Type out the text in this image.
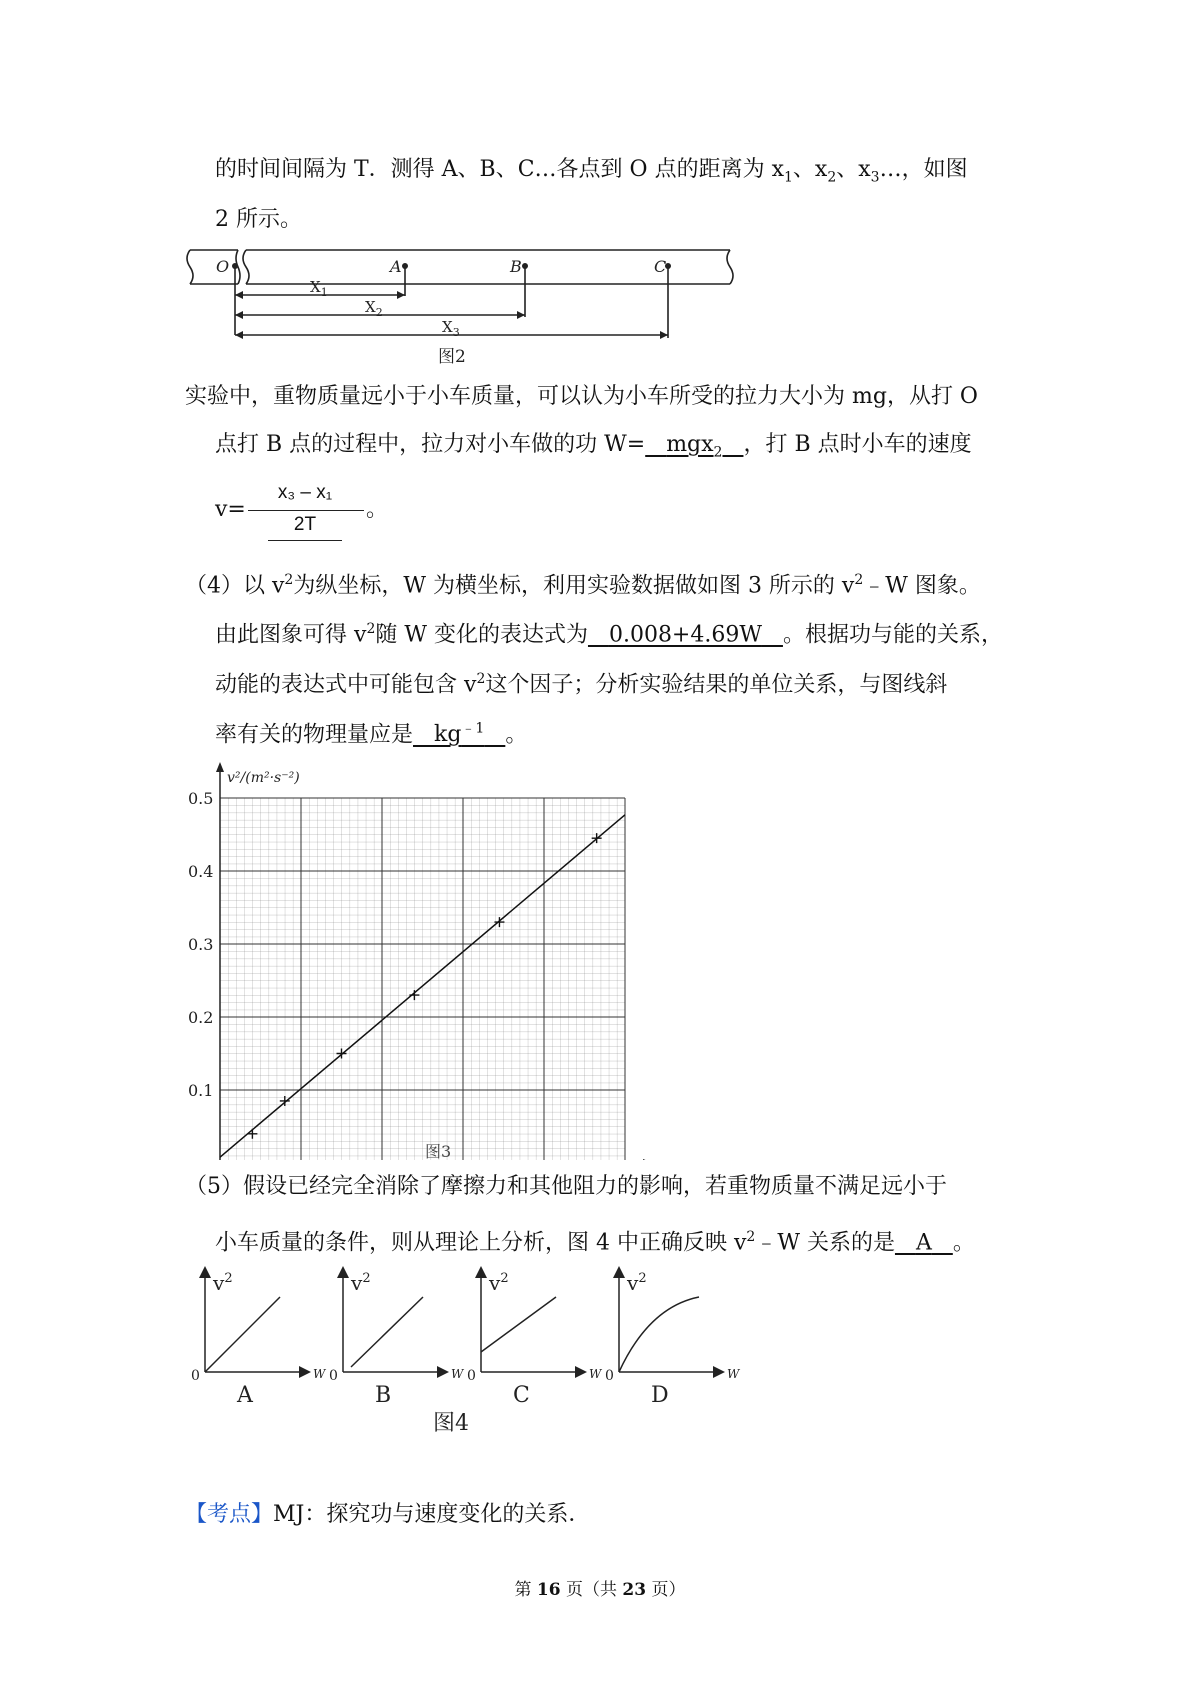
的时间间隔为 T．测得 A、B、C…各点到 O 点的距离为 $x_1$、$x_2$、$x_3\dots$，如图
2 所示。
O	A	B	C
$X_1$
$X_2$
$X_3$
图2
实验中，重物质量远小于小车质量，可以认为小车所受的拉力大小为 mg，从打 O
点打 B 点的过程中，拉力对小车做的功 W= mgx$_2$ ，打 B 点时小车的速度
v=
x₃ – x₁
2T
。
（4）以 $v^2$为纵坐标，W 为横坐标，利用实验数据做如图 3 所示的 $v^2﹣W$ 图象。
由此图象可得 $v^2$随 W 变化的表达式为 0.008+4.69W 。根据功与能的关系，
动能的表达式中可能包含 $v^2$这个因子；分析实验结果的单位关系，与图线斜
率有关的物理量应是 $kg^{﹣1}$ 。
0.1
0.2
0.3
0.4
0.5
v²/(m²·s⁻²)
图3
（5）假设已经完全消除了摩擦力和其他阻力的影响，若重物质量不满足远小于
小车质量的条件，则从理论上分析，图 4 中正确反映 $v^2﹣W$ 关系的是 A 。
$v^2$
0	W
A
$v^2$
0	W
B
$v^2$
0	W
C
$v^2$
0	W
D
图4
【考点】MJ：探究功与速度变化的关系．
第 16 页（共 23 页）
